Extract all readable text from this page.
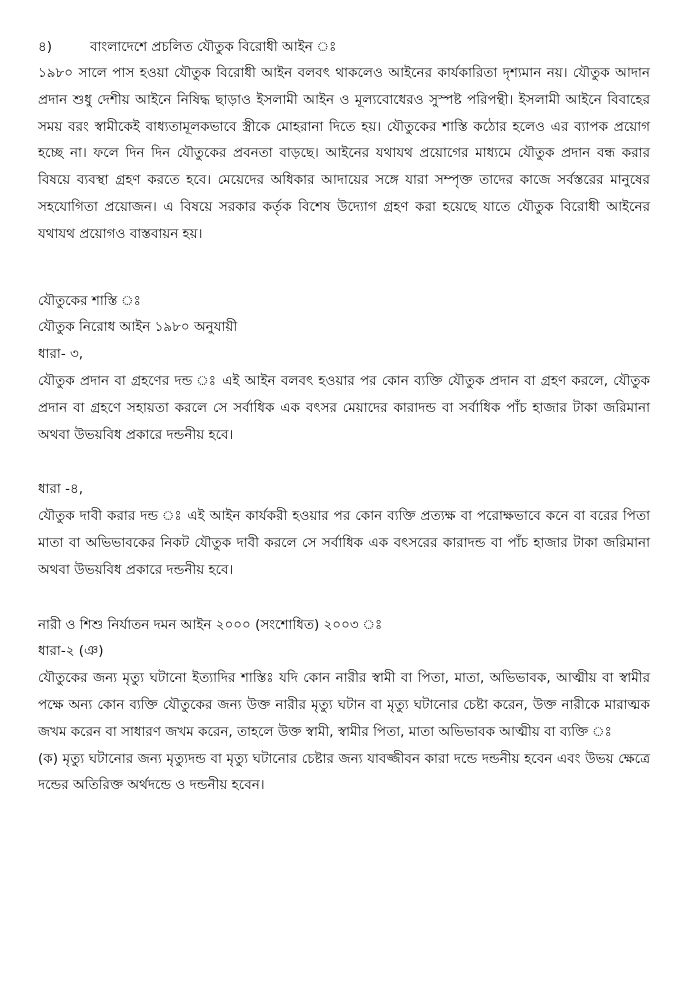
৪)	বাংলাদেশে প্রচলিত যৌতুক বিরোধী আইন ঃ

১৯৮০ সালে পাস হওয়া যৌতুক বিরোধী আইন বলবৎ থাকলেও আইনের কার্যকারিতা দৃশ্যমান নয়। যৌতুক আদান প্রদান শুধু দেশীয় আইনে নিষিদ্ধ ছাড়াও ইসলামী আইন ও মূল্যবোধেরও সুস্পষ্ট পরিপন্থী। ইসলামী আইনে বিবাহের সময় বরং স্বামীকেই বাধ্যতামূলকভাবে স্ত্রীকে মোহরানা দিতে হয়। যৌতুকের শাস্তি কঠোর হলেও এর ব্যাপক প্রয়োগ হচ্ছে না। ফলে দিন দিন যৌতুকের প্রবনতা বাড়ছে। আইনের যথাযথ প্রয়োগের মাধ্যমে যৌতুক প্রদান বন্ধ করার বিষয়ে ব্যবস্থা গ্রহণ করতে হবে। মেয়েদের অধিকার আদায়ের সঙ্গে যারা সম্পৃক্ত তাদের কাজে সর্বস্তরের মানুষের সহযোগিতা প্রয়োজন। এ বিষয়ে সরকার কর্তৃক বিশেষ উদ্যোগ গ্রহণ করা হয়েছে যাতে যৌতুক বিরোধী আইনের যথাযথ প্রয়োগও বাস্তবায়ন হয়।

যৌতুকের শাস্তি ঃ

যৌতুক নিরোধ আইন ১৯৮০ অনুযায়ী

ধারা- ৩,

যৌতুক প্রদান বা গ্রহণের দন্ড ঃ এই আইন বলবৎ হওয়ার পর কোন ব্যক্তি যৌতুক প্রদান বা গ্রহণ করলে, যৌতুক প্রদান বা গ্রহণে সহায়তা করলে সে সর্বাধিক এক বৎসর মেয়াদের কারাদন্ড বা সর্বাধিক পাঁচ হাজার টাকা জরিমানা অথবা উভয়বিধ প্রকারে দন্ডনীয় হবে।

ধারা -৪,

যৌতুক দাবী করার দন্ড ঃ এই আইন কার্যকরী হওয়ার পর কোন ব্যক্তি প্রত্যক্ষ বা পরোক্ষভাবে কনে বা বরের পিতা মাতা বা অভিভাবকের নিকট যৌতুক দাবী করলে সে সর্বাধিক এক বৎসরের কারাদন্ড বা পাঁচ হাজার টাকা জরিমানা অথবা উভয়বিধ প্রকারে দন্ডনীয় হবে।

নারী ও শিশু নির্যাতন দমন আইন ২০০০ (সংশোধিত) ২০০৩ ঃ

ধারা-২ (ঞ)

যৌতুকের জন্য মৃত্যু ঘটানো ইত্যাদির শাস্তিঃ যদি কোন নারীর স্বামী বা পিতা, মাতা, অভিভাবক, আত্মীয় বা স্বামীর পক্ষে অন্য কোন ব্যক্তি যৌতুকের জন্য উক্ত নারীর মৃত্যু ঘটান বা মৃত্যু ঘটানোর চেষ্টা করেন, উক্ত নারীকে মারাত্মক জখম করেন বা সাধারণ জখম করেন, তাহলে উক্ত স্বামী, স্বামীর পিতা, মাতা অভিভাবক আত্মীয় বা ব্যক্তি ঃ

(ক) মৃত্যু ঘটানোর জন্য মৃত্যুদন্ড বা মৃত্যু ঘটানোর চেষ্টার জন্য যাবজ্জীবন কারা দন্ডে দন্ডনীয় হবেন এবং উভয় ক্ষেত্রে দন্ডের অতিরিক্ত অর্থদন্ডে ও দন্ডনীয় হবেন।
